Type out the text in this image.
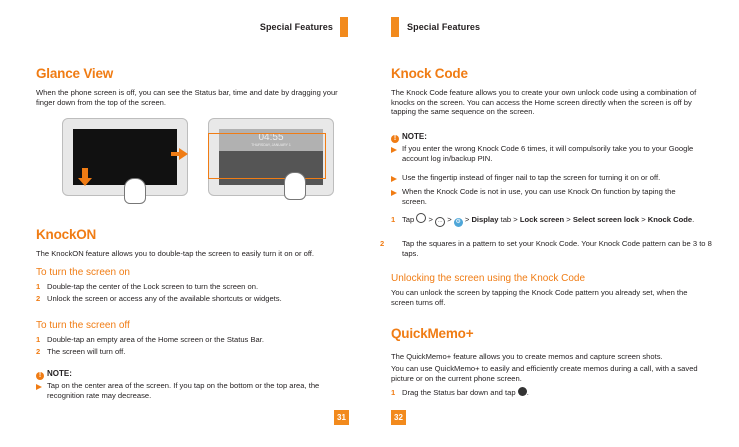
Special Features
Glance View
When the phone screen is off, you can see the Status bar, time and date by dragging your finger down from the top of the screen.
04:55
THURSDAY, JANUARY 1
KnockON
The KnockON feature allows you to double-tap the screen to easily turn it on or off.
To turn the screen on
1 Double-tap the center of the Lock screen to turn the screen on.
2 Unlock the screen or access any of the available shortcuts or widgets.
To turn the screen off
1 Double-tap an empty area of the Home screen or the Status Bar.
2 The screen will turn off.
! NOTE:
Tap on the center area of the screen. If you tap on the bottom or the top area, the recognition rate may decrease.
31
Special Features
Knock Code
The Knock Code feature allows you to create your own unlock code using a combination of knocks on the screen. You can access the Home screen directly when the screen is off by tapping the same sequence on the screen.
! NOTE:
If you enter the wrong Knock Code 6 times, it will compulsorily take you to your Google account log in/backup PIN.
Use the fingertip instead of finger nail to tap the screen for turning it on or off.
When the Knock Code is not in use, you can use Knock On function by taping the screen.
1 Tap > ⋯ > ⚙ > Display tab > Lock screen > Select screen lock > Knock Code.
2 Tap the squares in a pattern to set your Knock Code. Your Knock Code pattern can be 3 to 8 taps.
Unlocking the screen using the Knock Code
You can unlock the screen by tapping the Knock Code pattern you already set, when the screen turns off.
QuickMemo+
The QuickMemo+ feature allows you to create memos and capture screen shots.
You can use QuickMemo+ to easily and efficiently create memos during a call, with a saved picture or on the current phone screen.
1 Drag the Status bar down and tap .
32
